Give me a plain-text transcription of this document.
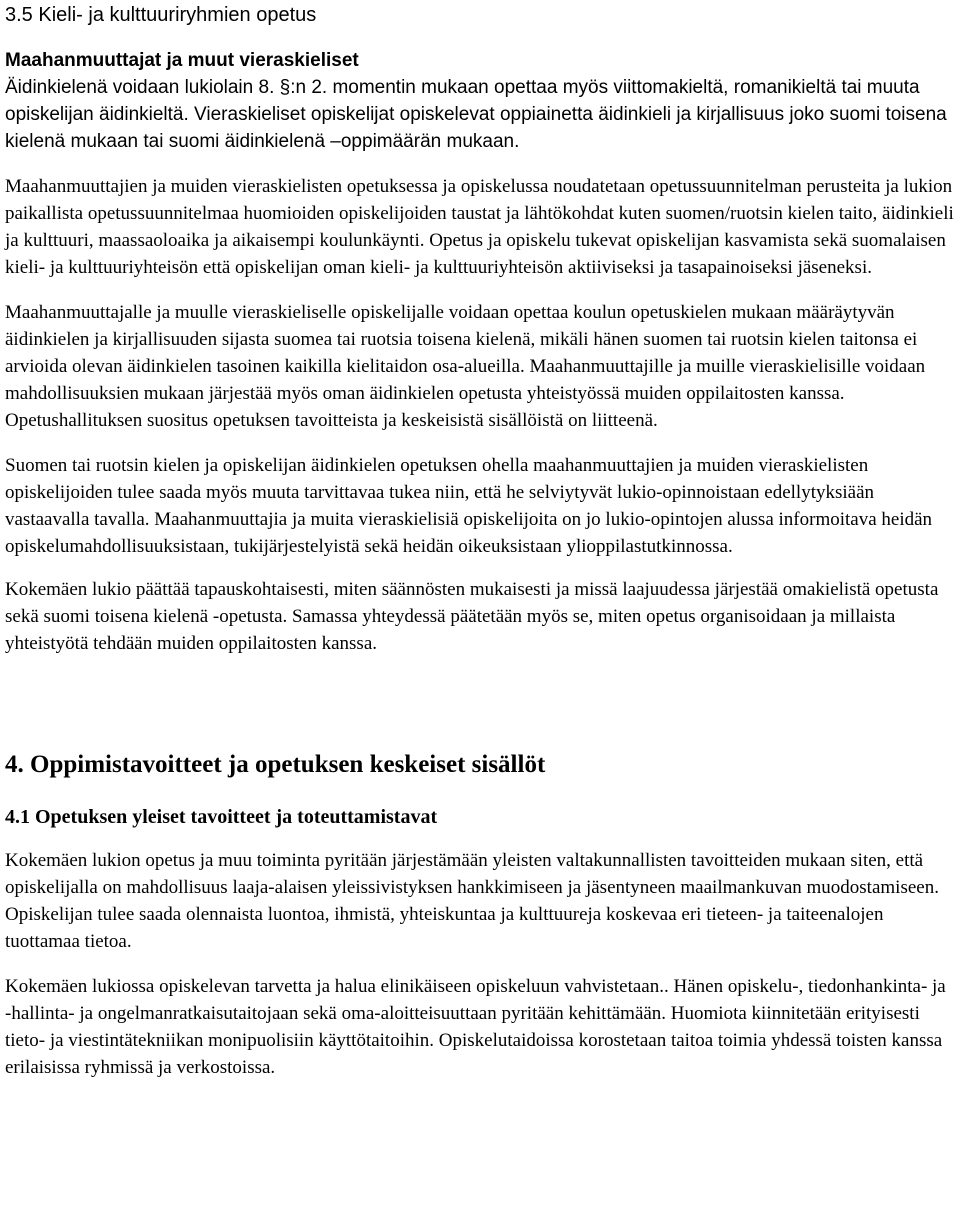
3.5 Kieli- ja kulttuuriryhmien opetus
Maahanmuuttajat ja muut vieraskieliset

Äidinkielenä voidaan lukiolain 8. §:n 2. momentin mukaan opettaa myös viittomakieltä, romanikieltä tai muuta opiskelijan äidinkieltä. Vieraskieliset opiskelijat opiskelevat oppiainetta äidinkieli ja kirjallisuus joko suomi toisena kielenä mukaan tai suomi äidinkielenä –oppimäärän mukaan.

Maahanmuuttajien ja muiden vieraskielisten opetuksessa ja opiskelussa noudatetaan opetussuunnitelman perusteita ja lukion paikallista opetussuunnitelmaa huomioiden opiskelijoiden taustat ja lähtökohdat kuten suomen/ruotsin kielen taito, äidinkieli ja kulttuuri, maassaoloaika ja aikaisempi koulunkäynti. Opetus ja opiskelu tukevat opiskelijan kasvamista sekä suomalaisen kieli- ja kulttuuriyhteisön että opiskelijan oman kieli- ja kulttuuriyhteisön aktiiviseksi ja tasapainoiseksi jäseneksi.

Maahanmuuttajalle ja muulle vieraskieliselle opiskelijalle voidaan opettaa koulun opetuskielen mukaan määräytyvän äidinkielen ja kirjallisuuden sijasta suomea tai ruotsia toisena kielenä, mikäli hänen suomen tai ruotsin kielen taitonsa ei arvioida olevan äidinkielen tasoinen kaikilla kielitaidon osa-alueilla. Maahanmuuttajille ja muille vieraskielisille voidaan mahdollisuuksien mukaan järjestää myös oman äidinkielen opetusta yhteistyössä muiden oppilaitosten kanssa. Opetushallituksen suositus opetuksen tavoitteista ja keskeisistä sisällöistä on liitteenä.

Suomen tai ruotsin kielen ja opiskelijan äidinkielen opetuksen ohella maahanmuuttajien ja muiden vieraskielisten opiskelijoiden tulee saada myös muuta tarvittavaa tukea niin, että he selviytyvät lukio-opinnoistaan edellytyksiään vastaavalla tavalla. Maahanmuuttajia ja muita vieraskielisiä opiskelijoita on jo lukio-opintojen alussa informoitava heidän opiskelumahdollisuuksistaan, tukijärjestelyistä sekä heidän oikeuksistaan ylioppilastutkinnossa.

Kokemäen lukio päättää tapauskohtaisesti, miten säännösten mukaisesti ja missä laajuudessa järjestää omakielistä opetusta sekä suomi toisena kielenä -opetusta. Samassa yhteydessä päätetään myös se, miten opetus organisoidaan ja millaista yhteistyötä tehdään muiden oppilaitosten kanssa.

4. Oppimistavoitteet ja opetuksen keskeiset sisällöt
4.1 Opetuksen yleiset tavoitteet ja toteuttamistavat

Kokemäen lukion opetus ja muu toiminta pyritään järjestämään yleisten valtakunnallisten tavoitteiden mukaan siten, että opiskelijalla on mahdollisuus laaja-alaisen yleissivistyksen hankkimiseen ja jäsentyneen maailmankuvan muodostamiseen. Opiskelijan tulee saada olennaista luontoa, ihmistä, yhteiskuntaa ja kulttuureja koskevaa eri tieteen- ja taiteenalojen tuottamaa tietoa.

Kokemäen lukiossa opiskelevan tarvetta ja halua elinikäiseen opiskeluun vahvistetaan.. Hänen opiskelu-, tiedonhankinta- ja -hallinta- ja ongelmanratkaisutaitojaan sekä oma-aloitteisuuttaan pyritään kehittämään. Huomiota kiinnitetään erityisesti tieto- ja viestintätekniikan monipuolisiin käyttötaitoihin. Opiskelutaidoissa korostetaan taitoa toimia yhdessä toisten kanssa erilaisissa ryhmissä ja verkostoissa.
